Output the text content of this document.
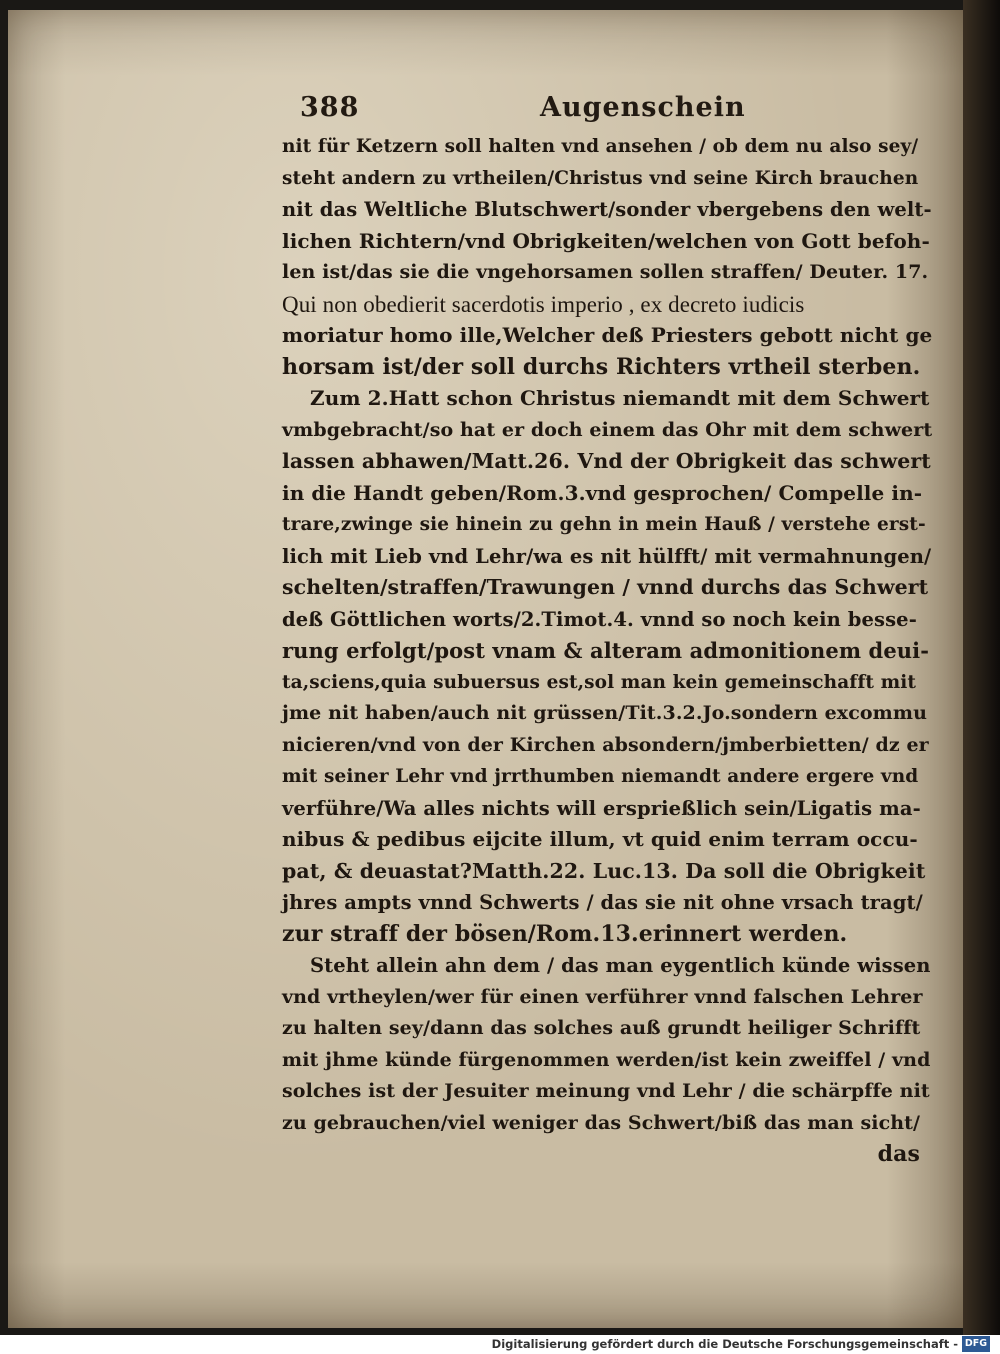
388	Augenschein
nit für Ketzern soll halten vnd ansehen / ob dem nu also sey/
steht andern zu vrtheilen/Christus vnd seine Kirch brauchen
nit das Weltliche Blutschwert/sonder vbergebens den welt-
lichen Richtern/vnd Obrigkeiten/welchen von Gott befoh-
len ist/das sie die vngehorsamen sollen straffen/ Deuter. 17.
Qui non obedierit sacerdotis imperio , ex decreto iudicis
moriatur homo ille,Welcher deß Priesters gebott nicht ge
horsam ist/der soll durchs Richters vrtheil sterben.
Zum 2.Hatt schon Christus niemandt mit dem Schwert
vmbgebracht/so hat er doch einem das Ohr mit dem schwert
lassen abhawen/Matt.26. Vnd der Obrigkeit das schwert
in die Handt geben/Rom.3.vnd gesprochen/ Compelle in-
trare,zwinge sie hinein zu gehn in mein Hauß / verstehe erst-
lich mit Lieb vnd Lehr/wa es nit hülfft/ mit vermahnungen/
schelten/straffen/Trawungen / vnnd durchs das Schwert
deß Göttlichen worts/2.Timot.4. vnnd so noch kein besse-
rung erfolgt/post vnam & alteram admonitionem deui-
ta,sciens,quia subuersus est,sol man kein gemeinschafft mit
jme nit haben/auch nit grüssen/Tit.3.2.Jo.sondern excommu
nicieren/vnd von der Kirchen absondern/jmberbietten/ dz er
mit seiner Lehr vnd jrrthumben niemandt andere ergere vnd
verführe/Wa alles nichts will ersprießlich sein/Ligatis ma-
nibus & pedibus eijcite illum, vt quid enim terram occu-
pat, & deuastat?Matth.22. Luc.13. Da soll die Obrigkeit
jhres ampts vnnd Schwerts / das sie nit ohne vrsach tragt/
zur straff der bösen/Rom.13.erinnert werden.
Steht allein ahn dem / das man eygentlich künde wissen
vnd vrtheylen/wer für einen verführer vnnd falschen Lehrer
zu halten sey/dann das solches auß grundt heiliger Schrifft
mit jhme künde fürgenommen werden/ist kein zweiffel / vnd
solches ist der Jesuiter meinung vnd Lehr / die schärpffe nit
zu gebrauchen/viel weniger das Schwert/biß das man sicht/
das
Digitalisierung gefördert durch die Deutsche Forschungsgemeinschaft - DFG
